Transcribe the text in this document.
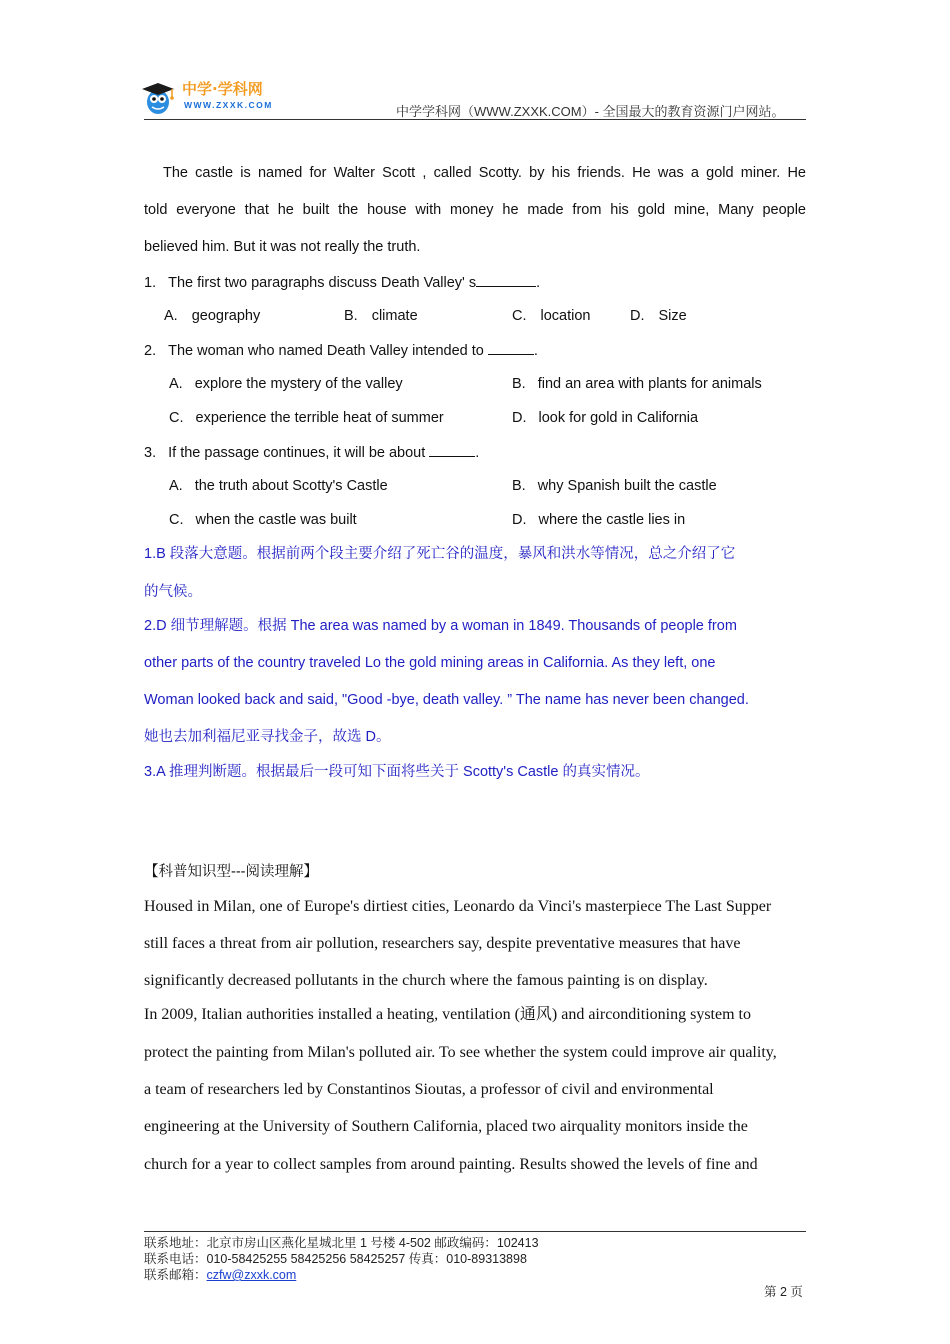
中学·学科网
WWW.ZXXK.COM	中学学科网（WWW.ZXXK.COM）- 全国最大的教育资源门户网站。
The castle is named for Walter Scott , called Scotty. by his friends. He was a gold miner. He
told everyone that he built the house with money he made from his gold mine, Many people
believed him. But it was not really the truth.
1. The first two paragraphs discuss Death Valley' s	.
A. geography	B. climate	C. location	D. Size
2. The woman who named Death Valley intended to	.
A. explore the mystery of the valley	B. find an area with plants for animals
C. experience the terrible heat of summer	D. look for gold in California
3. If the passage continues, it will be about	.
A. the truth about Scotty's Castle	B. why Spanish built the castle
C. when the castle was built	D. where the castle lies in
1.B 段落大意题。根据前两个段主要介绍了死亡谷的温度，暴风和洪水等情况，总之介绍了它
的气候。
2.D 细节理解题。根据 The area was named by a woman in 1849. Thousands of people from
other parts of the country traveled Lo the gold mining areas in California. As they left, one
Woman looked back and said, "Good -bye, death valley. ” The name has never been changed.
她也去加利福尼亚寻找金子，故选 D。
3.A 推理判断题。根据最后一段可知下面将些关于 Scotty's Castle 的真实情况。
【科普知识型---阅读理解】
Housed in Milan, one of Europe's dirtiest cities, Leonardo da Vinci's masterpiece The Last Supper
still faces a threat from air pollution, researchers say, despite preventative measures that have
significantly decreased pollutants in the church where the famous painting is on display.
In 2009, Italian authorities installed a heating, ventilation (通风) and airconditioning system to
protect the painting from Milan's polluted air. To see whether the system could improve air quality,
a team of researchers led by Constantinos Sioutas, a professor of civil and environmental
engineering at the University of Southern California, placed two airquality monitors inside the
church for a year to collect samples from around painting. Results showed the levels of fine and
联系地址：北京市房山区燕化星城北里 1 号楼 4-502 邮政编码：102413
联系电话：010-58425255 58425256 58425257 传真：010-89313898
联系邮箱：czfw@zxxk.com
第 2 页
